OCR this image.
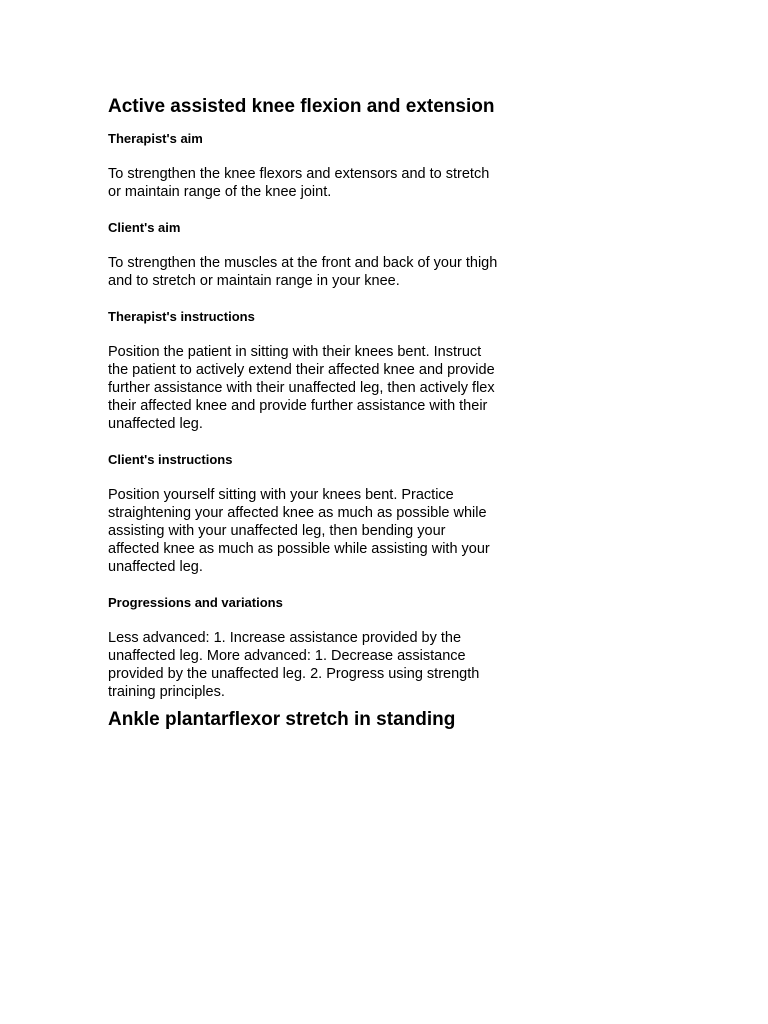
Active assisted knee flexion and extension
Therapist's aim

To strengthen the knee flexors and extensors and to stretch or maintain range of the knee joint.

Client's aim

To strengthen the muscles at the front and back of your thigh and to stretch or maintain range in your knee.

Therapist's instructions

Position the patient in sitting with their knees bent. Instruct the patient to actively extend their affected knee and provide further assistance with their unaffected leg, then actively flex their affected knee and provide further assistance with their unaffected leg.

Client's instructions

Position yourself sitting with your knees bent. Practice straightening your affected knee as much as possible while assisting with your unaffected leg, then bending your affected knee as much as possible while assisting with your unaffected leg.

Progressions and variations

Less advanced: 1. Increase assistance provided by the unaffected leg. More advanced: 1. Decrease assistance provided by the unaffected leg. 2. Progress using strength training principles.

Ankle plantarflexor stretch in standing
